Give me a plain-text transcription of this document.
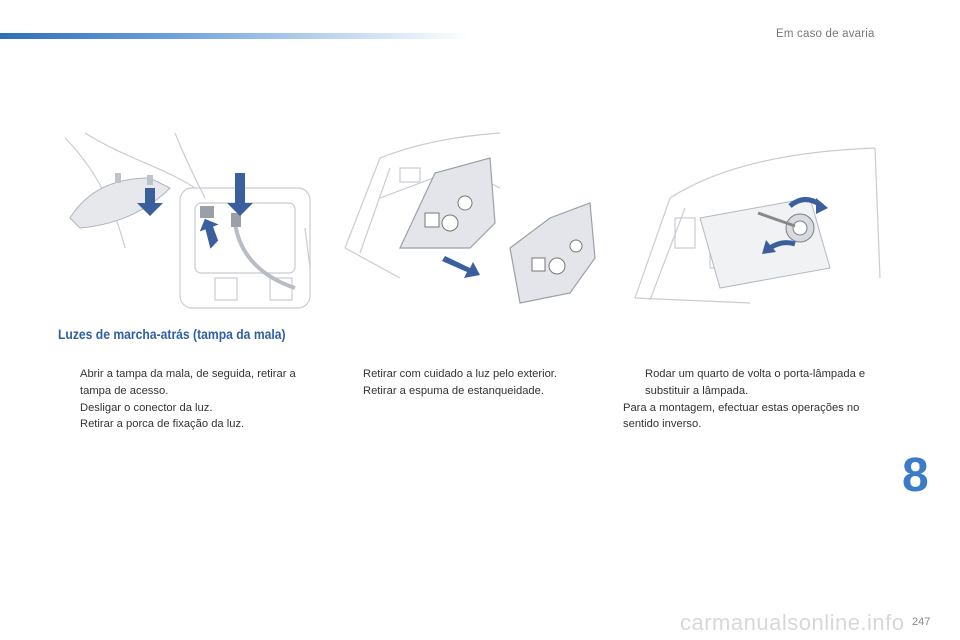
Em caso de avaria
Luzes de marcha-atrás (tampa da mala)
Abrir a tampa da mala, de seguida, retirar a tampa de acesso.
Desligar o conector da luz.
Retirar a porca de fixação da luz.
Retirar com cuidado a luz pelo exterior.
Retirar a espuma de estanqueidade.
Rodar um quarto de volta o porta-lâmpada e substituir a lâmpada.

Para a montagem, efectuar estas operações no sentido inverso.

8
carmanualsonline.info 247
